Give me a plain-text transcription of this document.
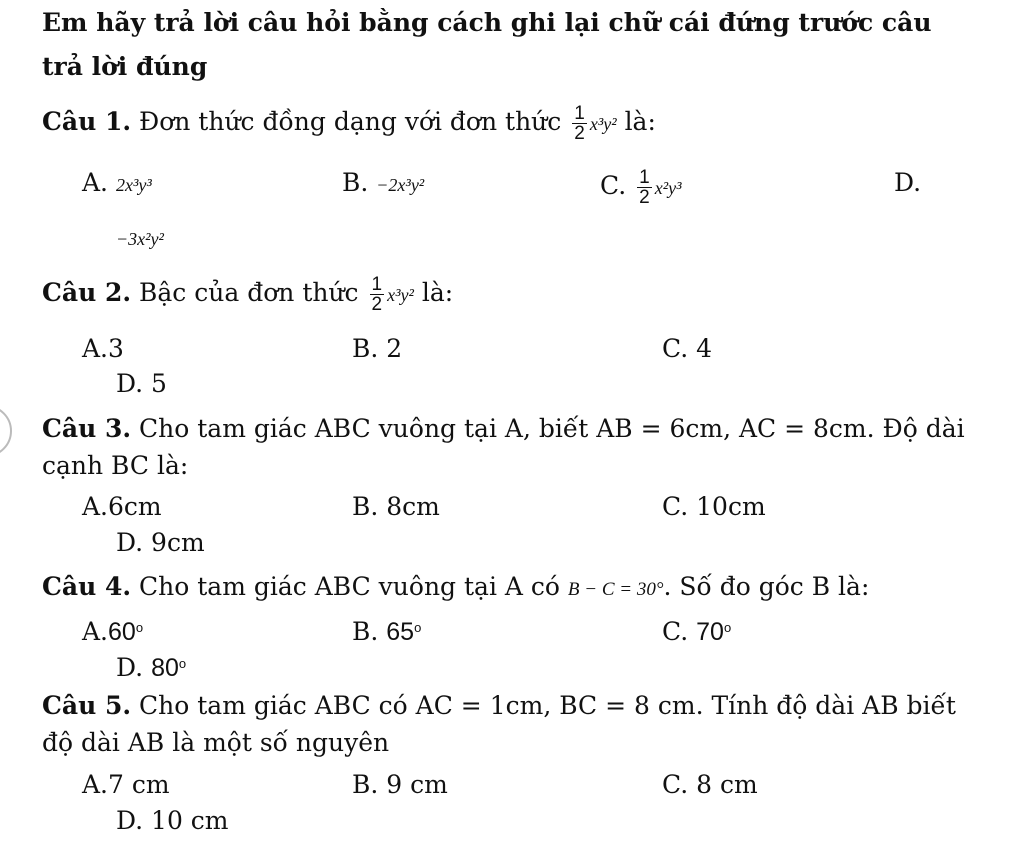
Em hãy trả lời câu hỏi bằng cách ghi lại chữ cái đứng trước câu
trả lời đúng
Câu 1. Đơn thức đồng dạng với đơn thức $\frac{1}{2} x^3y^2$ là:
A. 2x³y³	B. −2x³y²	C. $\frac{1}{2} x^2y^3$	D.
−3x²y²
Câu 2. Bậc của đơn thức $\frac{1}{2} x^3y^2$ là:
A.3	B. 2	C. 4
D. 5
Câu 3. Cho tam giác ABC vuông tại A, biết AB = 6cm, AC = 8cm. Độ dài
cạnh BC là:
A.6cm	B. 8cm	C. 10cm
D. 9cm
Câu 4. Cho tam giác ABC vuông tại A có B − C = 30°. Số đo góc B là:
A.60$^o$	B. 65$^o$	C. 70$^o$
D. 80$^o$
Câu 5. Cho tam giác ABC có AC = 1cm, BC = 8 cm. Tính độ dài AB biết
độ dài AB là một số nguyên
A.7 cm	B. 9 cm	C. 8 cm
D. 10 cm
